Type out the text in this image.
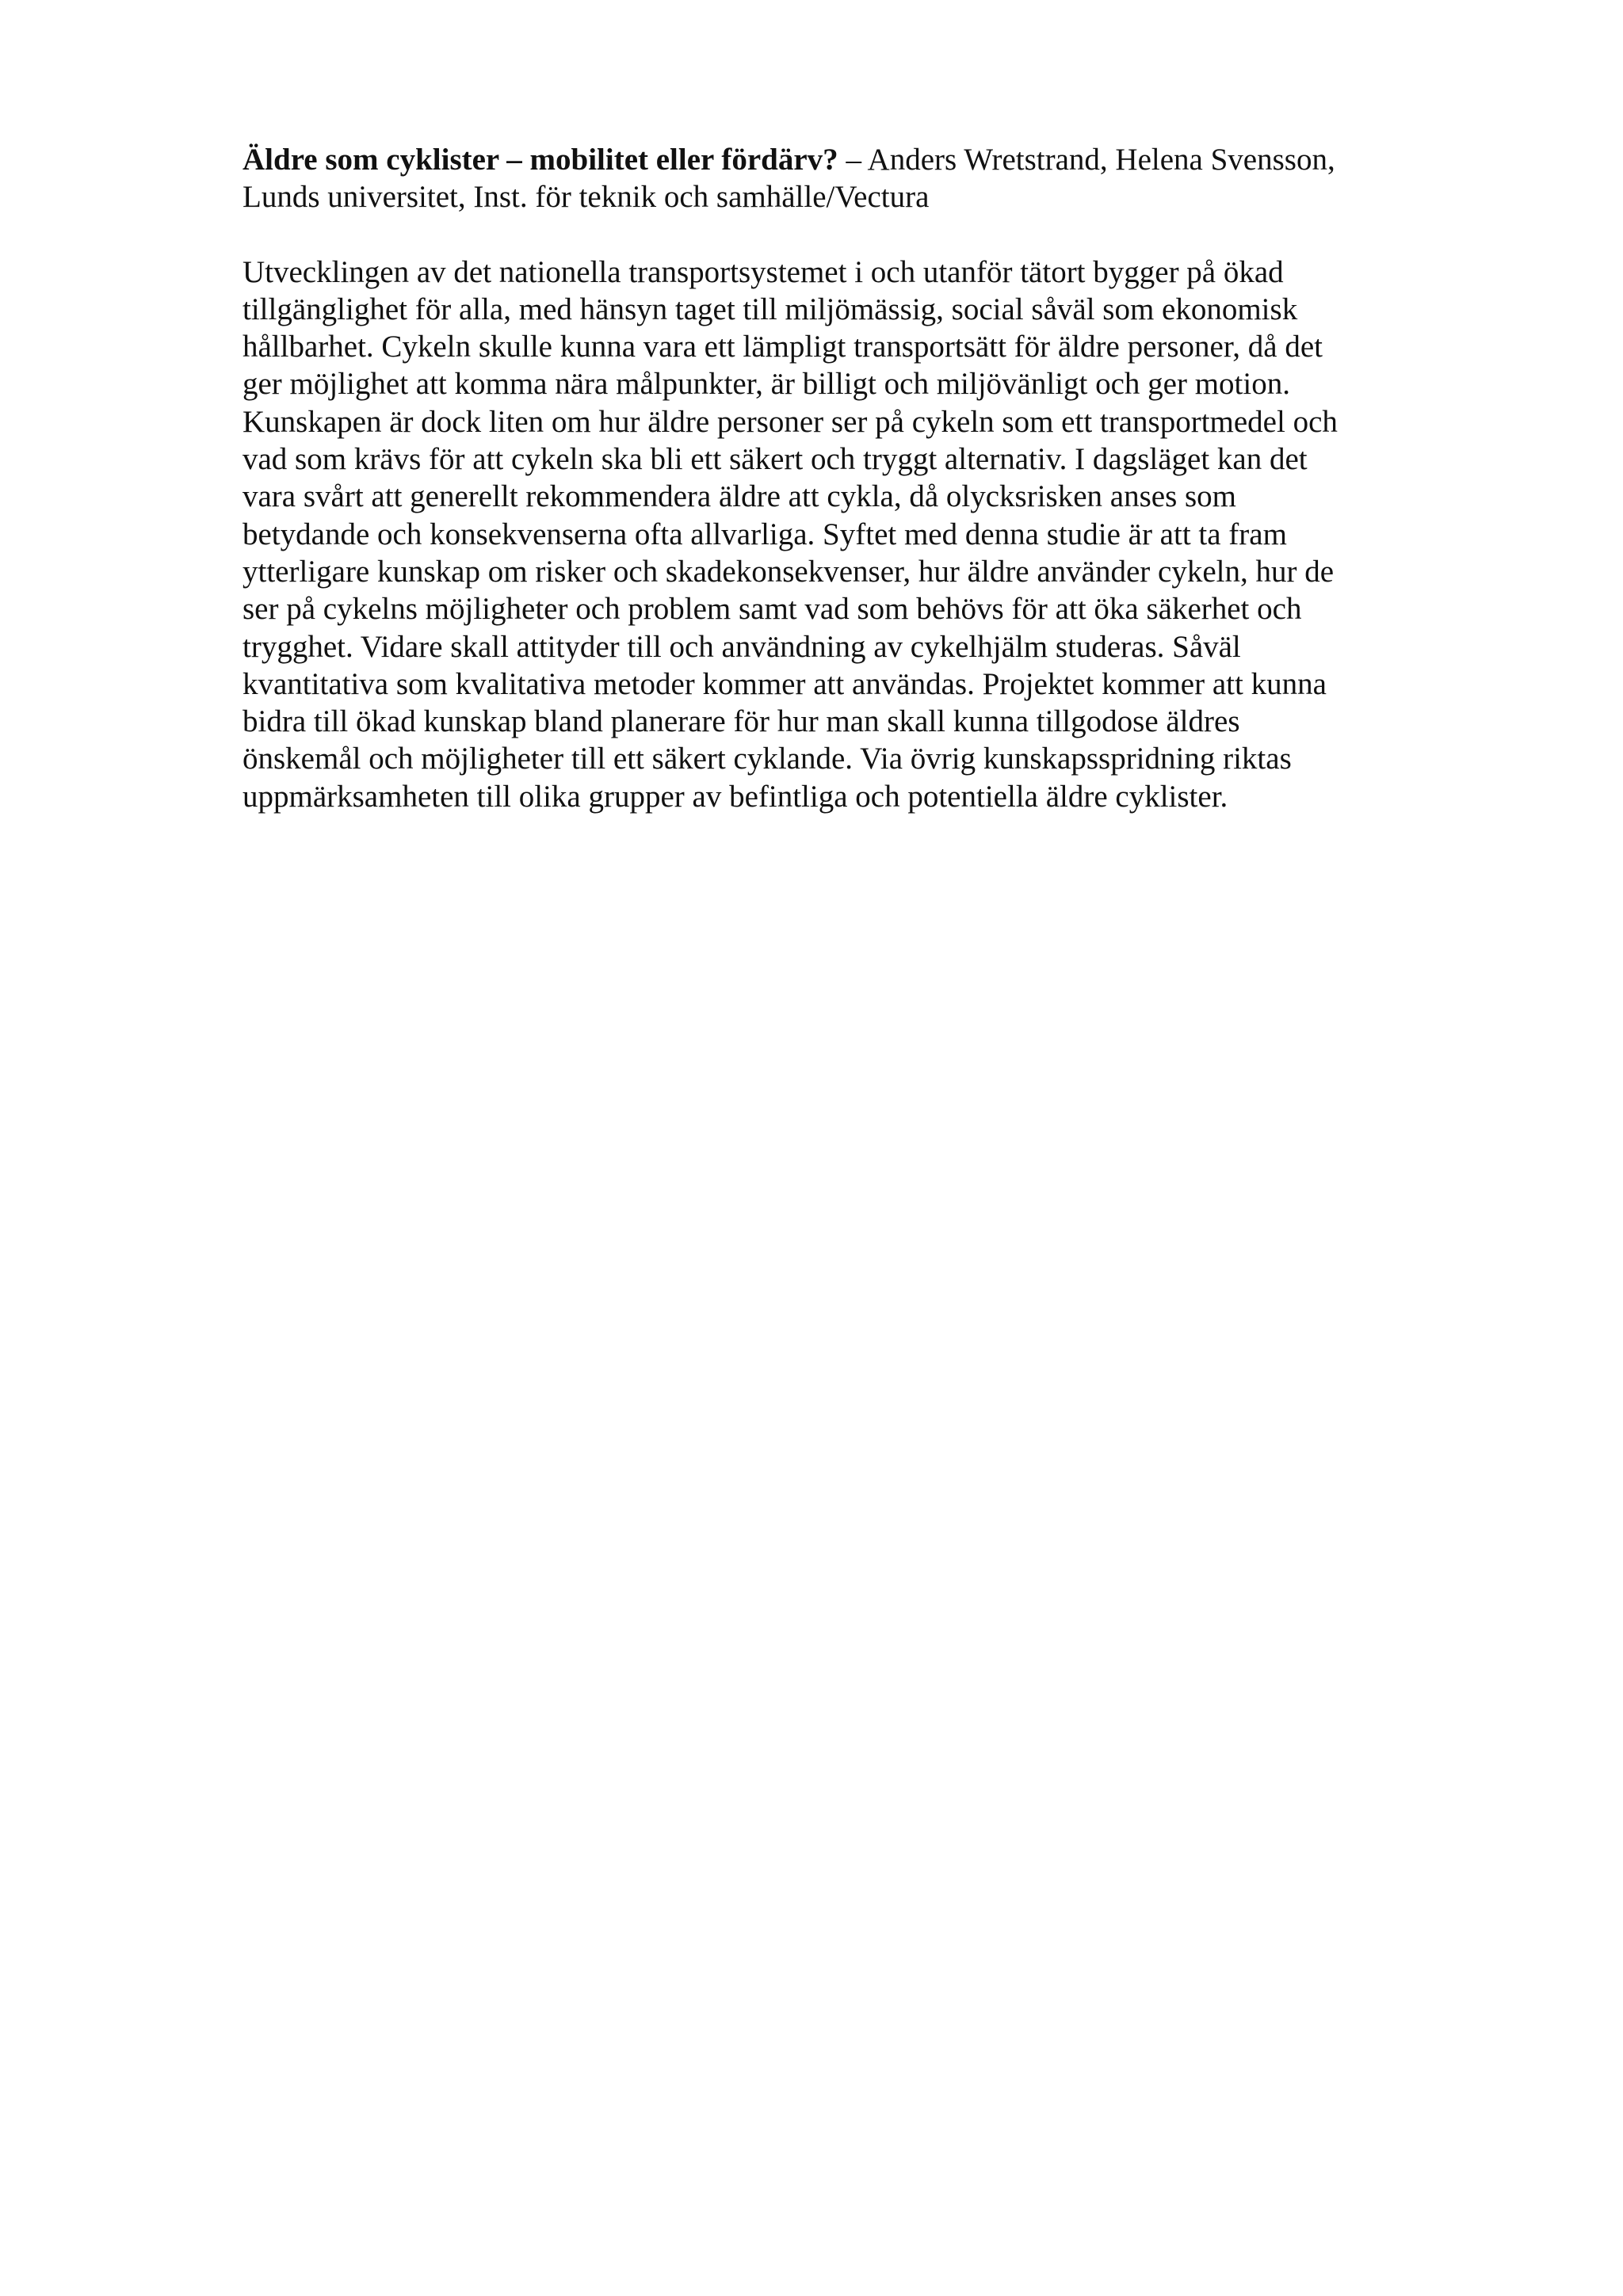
Äldre som cyklister – mobilitet eller fördärv? – Anders Wretstrand, Helena Svensson,
Lunds universitet, Inst. för teknik och samhälle/Vectura
Utvecklingen av det nationella transportsystemet i och utanför tätort bygger på ökad
tillgänglighet för alla, med hänsyn taget till miljömässig, social såväl som ekonomisk
hållbarhet. Cykeln skulle kunna vara ett lämpligt transportsätt för äldre personer, då det
ger möjlighet att komma nära målpunkter, är billigt och miljövänligt och ger motion.
Kunskapen är dock liten om hur äldre personer ser på cykeln som ett transportmedel och
vad som krävs för att cykeln ska bli ett säkert och tryggt alternativ. I dagsläget kan det
vara svårt att generellt rekommendera äldre att cykla, då olycksrisken anses som
betydande och konsekvenserna ofta allvarliga. Syftet med denna studie är att ta fram
ytterligare kunskap om risker och skadekonsekvenser, hur äldre använder cykeln, hur de
ser på cykelns möjligheter och problem samt vad som behövs för att öka säkerhet och
trygghet. Vidare skall attityder till och användning av cykelhjälm studeras. Såväl
kvantitativa som kvalitativa metoder kommer att användas. Projektet kommer att kunna
bidra till ökad kunskap bland planerare för hur man skall kunna tillgodose äldres
önskemål och möjligheter till ett säkert cyklande. Via övrig kunskapsspridning riktas
uppmärksamheten till olika grupper av befintliga och potentiella äldre cyklister.
